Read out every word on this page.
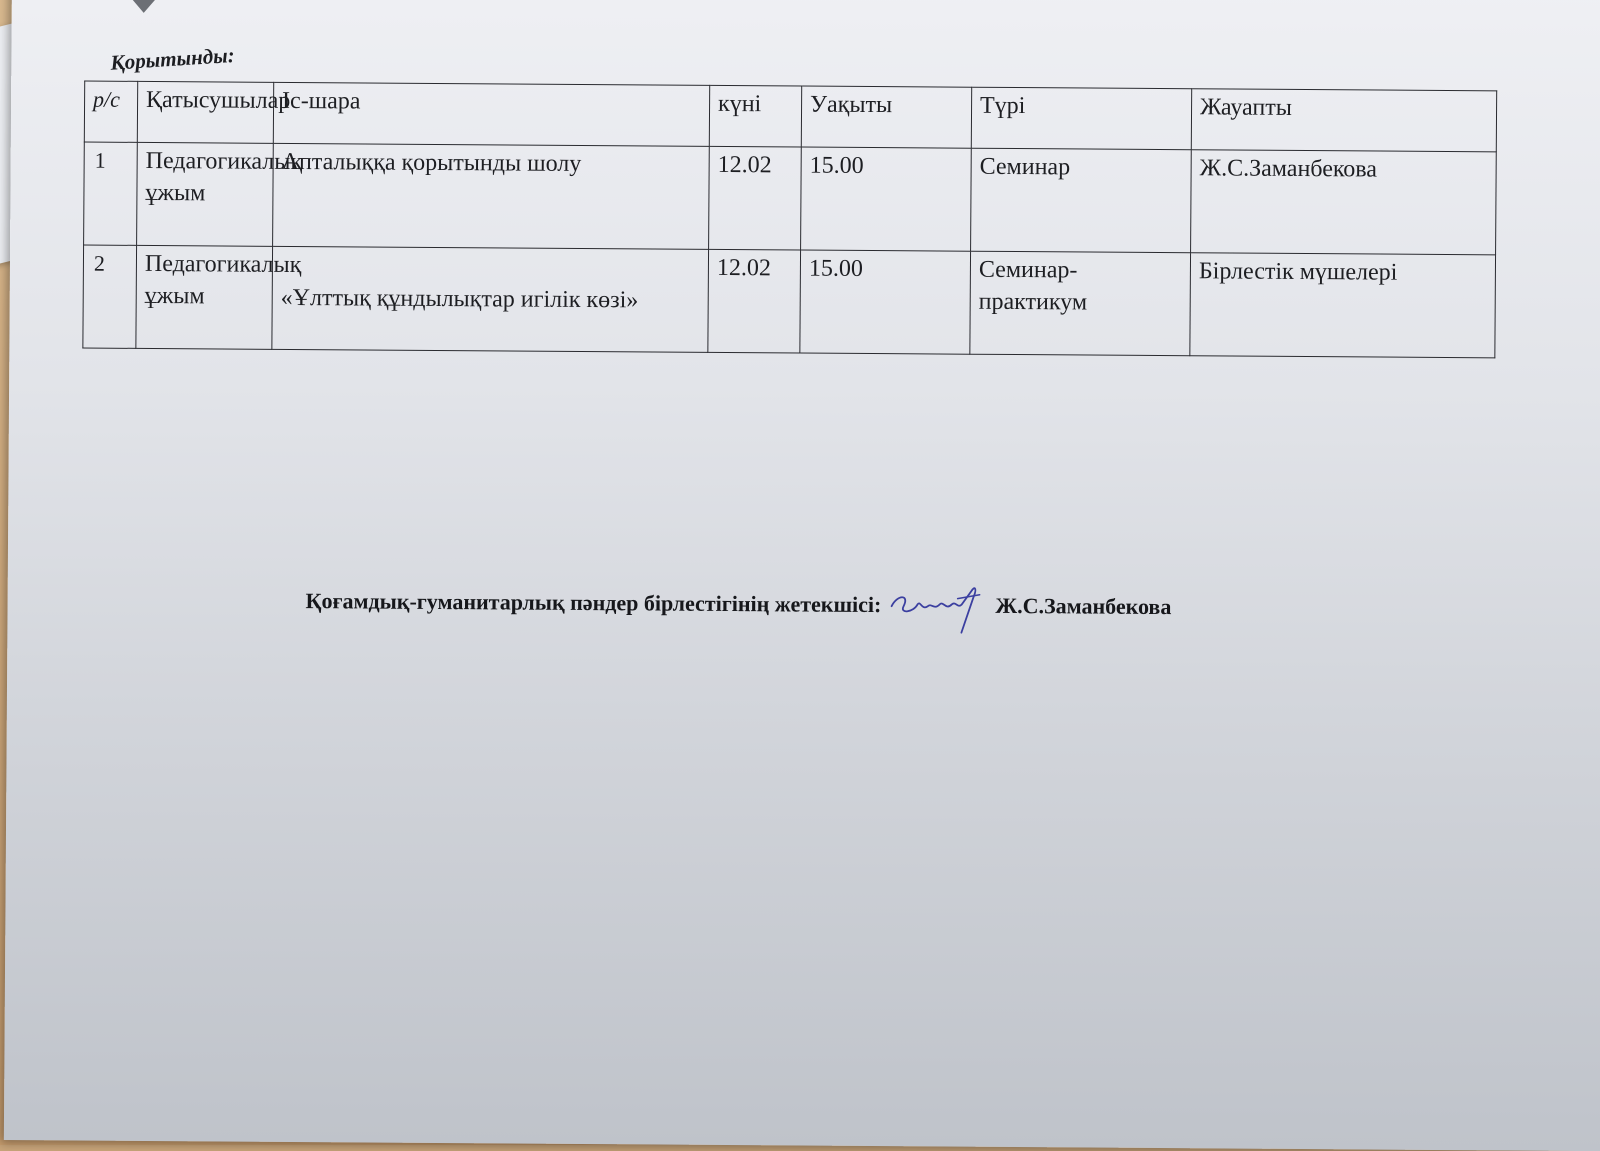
Қорытынды:
р/с	Қатысушылар	Іс-шара	күні	Уақыты	Түрі	Жауапты
1	Педагогикалық ұжым	Апталыққа қорытынды шолу	12.02	15.00	Семинар	Ж.С.Заманбекова
2	Педагогикалық ұжым	«Ұлттық құндылықтар игілік көзі»	12.02	15.00	Семинар-практикум	Бірлестік мүшелері
Қоғамдық-гуманитарлық пәндер бірлестігінің жетекшісі:	Ж.С.Заманбекова
